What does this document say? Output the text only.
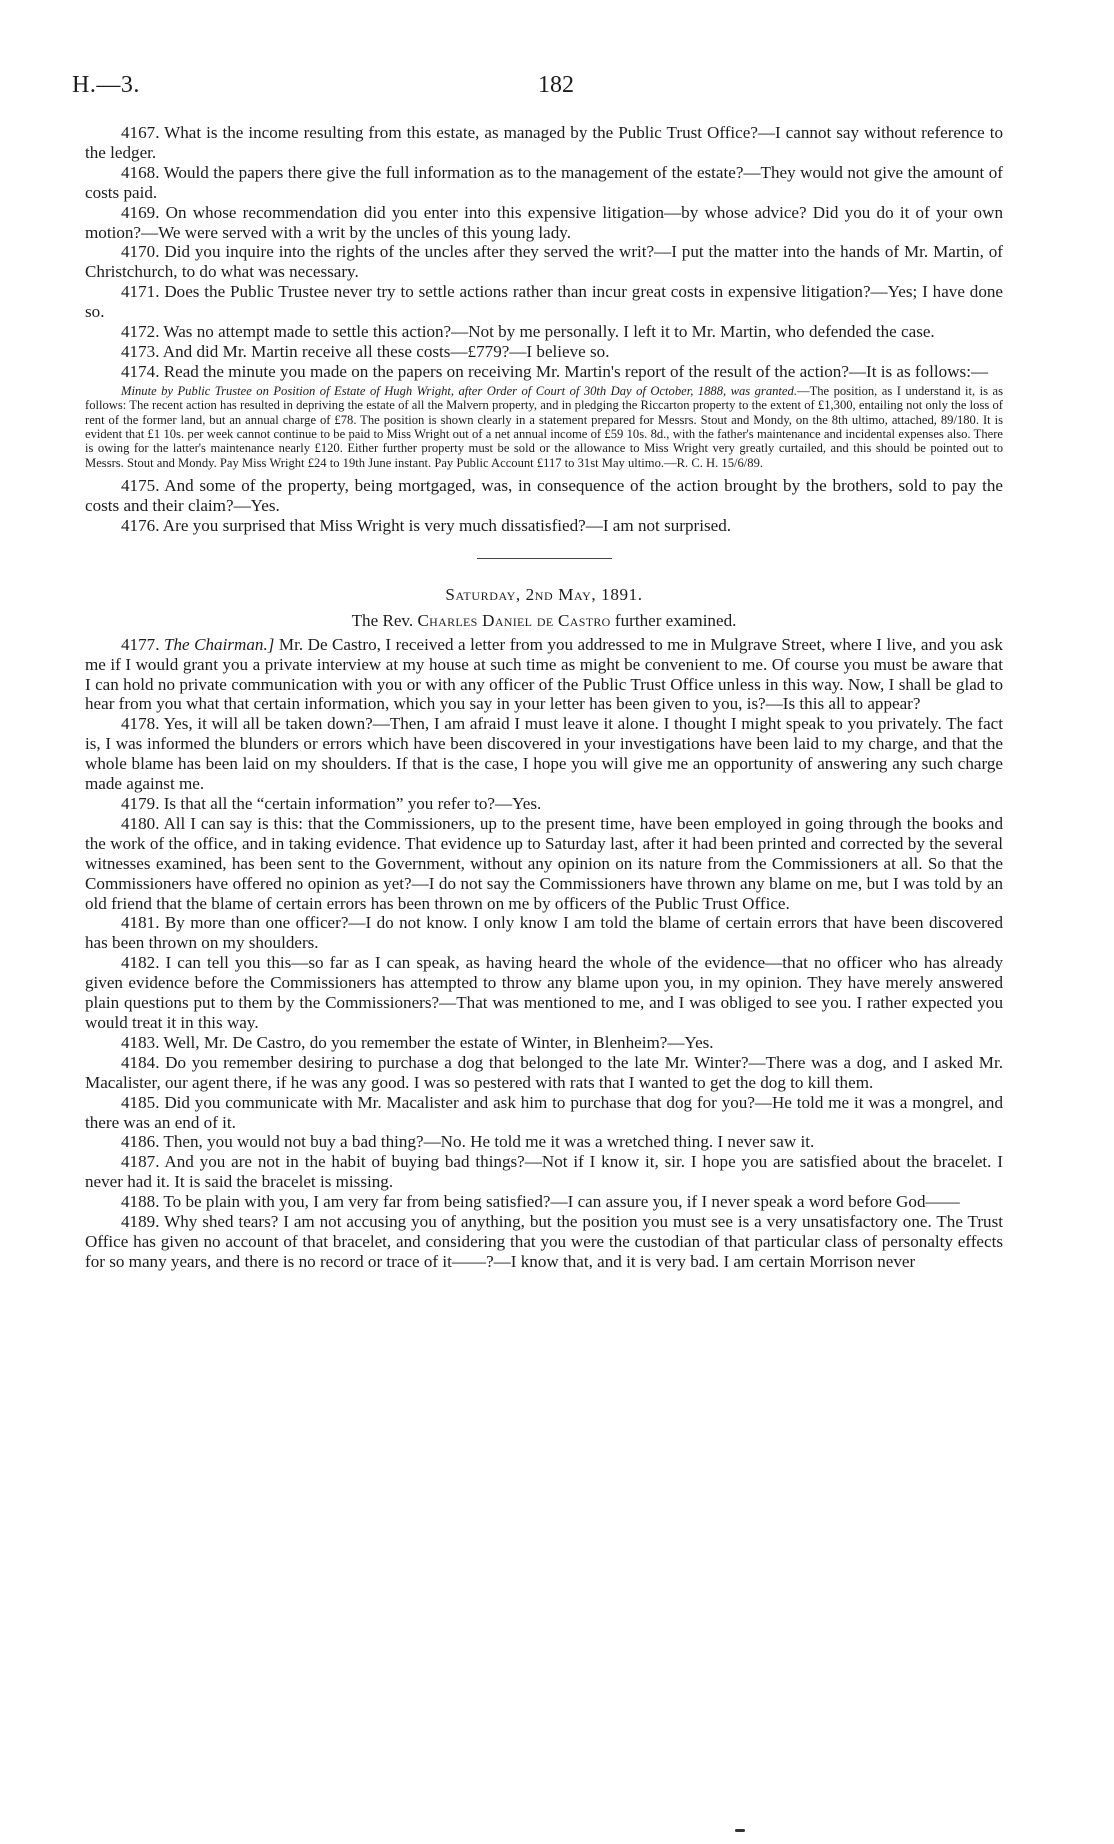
H.—3.	182

4167. What is the income resulting from this estate, as managed by the Public Trust Office?—I cannot say without reference to the ledger.

4168. Would the papers there give the full information as to the management of the estate?—They would not give the amount of costs paid.

4169. On whose recommendation did you enter into this expensive litigation—by whose advice? Did you do it of your own motion?—We were served with a writ by the uncles of this young lady.

4170. Did you inquire into the rights of the uncles after they served the writ?—I put the matter into the hands of Mr. Martin, of Christchurch, to do what was necessary.

4171. Does the Public Trustee never try to settle actions rather than incur great costs in expensive litigation?—Yes; I have done so.

4172. Was no attempt made to settle this action?—Not by me personally. I left it to Mr. Martin, who defended the case.

4173. And did Mr. Martin receive all these costs—£779?—I believe so.

4174. Read the minute you made on the papers on receiving Mr. Martin's report of the result of the action?—It is as follows:—

Minute by Public Trustee on Position of Estate of Hugh Wright, after Order of Court of 30th Day of October, 1888, was granted.—The position, as I understand it, is as follows: The recent action has resulted in depriving the estate of all the Malvern property, and in pledging the Riccarton property to the extent of £1,300, entailing not only the loss of rent of the former land, but an annual charge of £78. The position is shown clearly in a statement prepared for Messrs. Stout and Mondy, on the 8th ultimo, attached, 89/180. It is evident that £1 10s. per week cannot continue to be paid to Miss Wright out of a net annual income of £59 10s. 8d., with the father's maintenance and incidental expenses also. There is owing for the latter's maintenance nearly £120. Either further property must be sold or the allowance to Miss Wright very greatly curtailed, and this should be pointed out to Messrs. Stout and Mondy. Pay Miss Wright £24 to 19th June instant. Pay Public Account £117 to 31st May ultimo.—R. C. H. 15/6/89.

4175. And some of the property, being mortgaged, was, in consequence of the action brought by the brothers, sold to pay the costs and their claim?—Yes.

4176. Are you surprised that Miss Wright is very much dissatisfied?—I am not surprised.

Saturday, 2nd May, 1891.

The Rev. Charles Daniel de Castro further examined.

4177. The Chairman.] Mr. De Castro, I received a letter from you addressed to me in Mulgrave Street, where I live, and you ask me if I would grant you a private interview at my house at such time as might be convenient to me. Of course you must be aware that I can hold no private communication with you or with any officer of the Public Trust Office unless in this way. Now, I shall be glad to hear from you what that certain information, which you say in your letter has been given to you, is?—Is this all to appear?

4178. Yes, it will all be taken down?—Then, I am afraid I must leave it alone. I thought I might speak to you privately. The fact is, I was informed the blunders or errors which have been discovered in your investigations have been laid to my charge, and that the whole blame has been laid on my shoulders. If that is the case, I hope you will give me an opportunity of answering any such charge made against me.

4179. Is that all the “certain information” you refer to?—Yes.

4180. All I can say is this: that the Commissioners, up to the present time, have been employed in going through the books and the work of the office, and in taking evidence. That evidence up to Saturday last, after it had been printed and corrected by the several witnesses examined, has been sent to the Government, without any opinion on its nature from the Commissioners at all. So that the Commissioners have offered no opinion as yet?—I do not say the Commissioners have thrown any blame on me, but I was told by an old friend that the blame of certain errors has been thrown on me by officers of the Public Trust Office.

4181. By more than one officer?—I do not know. I only know I am told the blame of certain errors that have been discovered has been thrown on my shoulders.

4182. I can tell you this—so far as I can speak, as having heard the whole of the evidence—that no officer who has already given evidence before the Commissioners has attempted to throw any blame upon you, in my opinion. They have merely answered plain questions put to them by the Commissioners?—That was mentioned to me, and I was obliged to see you. I rather expected you would treat it in this way.

4183. Well, Mr. De Castro, do you remember the estate of Winter, in Blenheim?—Yes.

4184. Do you remember desiring to purchase a dog that belonged to the late Mr. Winter?—There was a dog, and I asked Mr. Macalister, our agent there, if he was any good. I was so pestered with rats that I wanted to get the dog to kill them.

4185. Did you communicate with Mr. Macalister and ask him to purchase that dog for you?—He told me it was a mongrel, and there was an end of it.

4186. Then, you would not buy a bad thing?—No. He told me it was a wretched thing. I never saw it.

4187. And you are not in the habit of buying bad things?—Not if I know it, sir. I hope you are satisfied about the bracelet. I never had it. It is said the bracelet is missing.

4188. To be plain with you, I am very far from being satisfied?—I can assure you, if I never speak a word before God——

4189. Why shed tears? I am not accusing you of anything, but the position you must see is a very unsatisfactory one. The Trust Office has given no account of that bracelet, and considering that you were the custodian of that particular class of personalty effects for so many years, and there is no record or trace of it——?—I know that, and it is very bad. I am certain Morrison never
